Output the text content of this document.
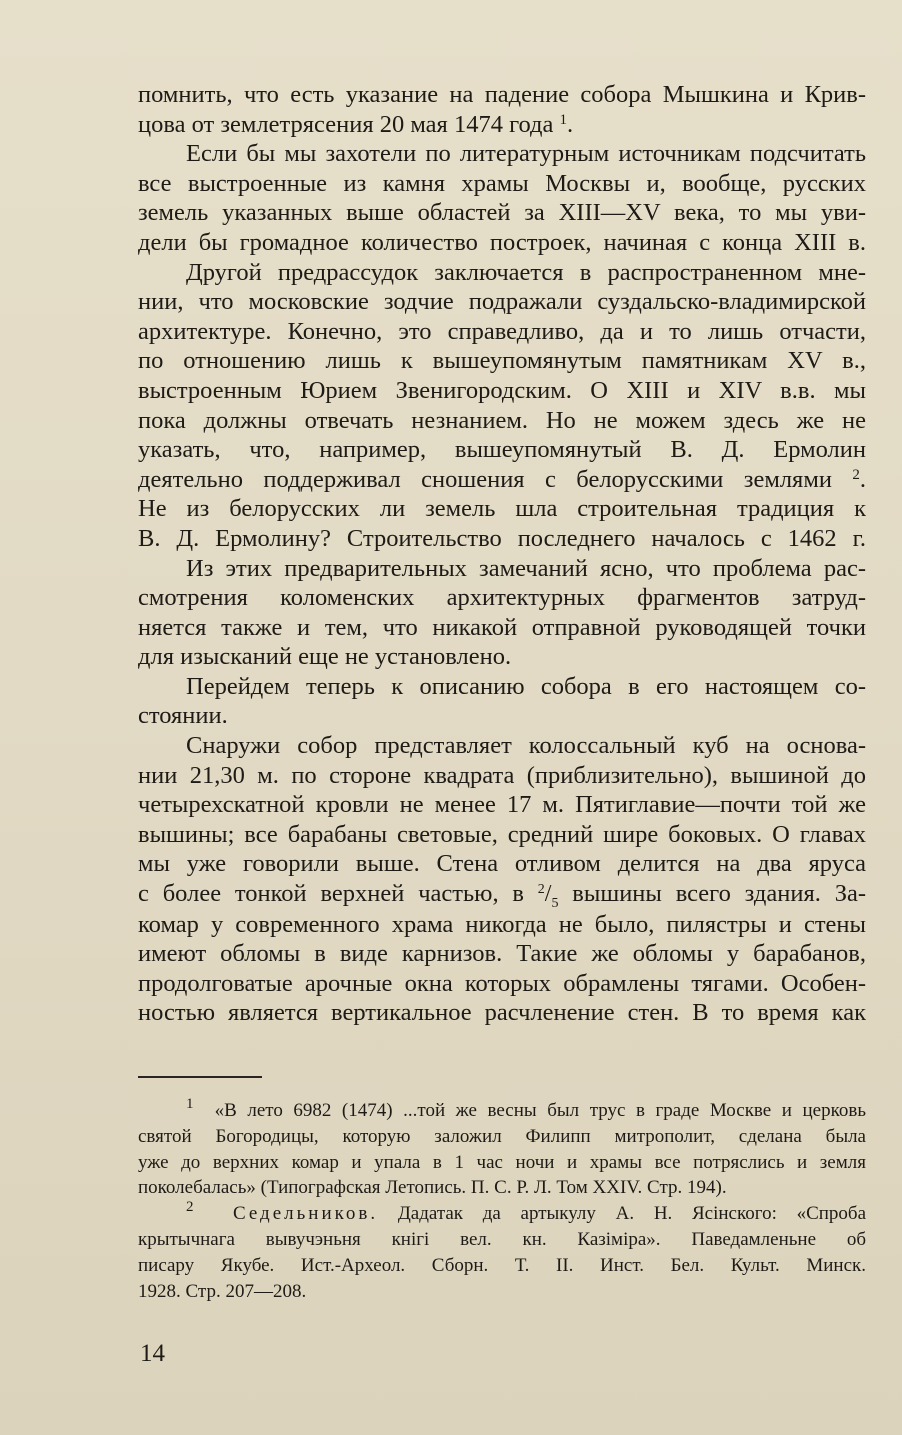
помнить, что есть указание на падение собора Мышкина и Крив-

цова от землетрясения 20 мая 1474 года $^1$.

Если бы мы захотели по литературным источникам подсчитать

все выстроенные из камня храмы Москвы и, вообще, русских

земель указанных выше областей за XIII—XV века, то мы уви-

дели бы громадное количество построек, начиная с конца XIII в.

Другой предрассудок заключается в распространенном мне-

нии, что московские зодчие подражали суздальско-владимирской

архитектуре. Конечно, это справедливо, да и то лишь отчасти,

по отношению лишь к вышеупомянутым памятникам XV в.,

выстроенным Юрием Звенигородским. О XIII и XIV в.в. мы

пока должны отвечать незнанием. Но не можем здесь же не

указать, что, например, вышеупомянутый В. Д. Ермолин

деятельно поддерживал сношения с белорусскими землями $^2$.

Не из белорусских ли земель шла строительная традиция к

В. Д. Ермолину? Строительство последнего началось с 1462 г.

Из этих предварительных замечаний ясно, что проблема рас-

смотрения коломенских архитектурных фрагментов затруд-

няется также и тем, что никакой отправной руководящей точки

для изысканий еще не установлено.

Перейдем теперь к описанию собора в его настоящем со-

стоянии.

Снаружи собор представляет колоссальный куб на основа-

нии 21,30 м. по стороне квадрата (приблизительно), вышиной до

четырехскатной кровли не менее 17 м. Пятиглавие—почти той же

вышины; все барабаны световые, средний шире боковых. О главах

мы уже говорили выше. Стена отливом делится на два яруса

с более тонкой верхней частью, в $^2/_5$ вышины всего здания. За-

комар у современного храма никогда не было, пилястры и стены

имеют обломы в виде карнизов. Такие же обломы у барабанов,

продолговатые арочные окна которых обрамлены тягами. Особен-

ностью является вертикальное расчленение стен. В то время как

$^1$ «В лето 6982 (1474) ...той же весны был трус в граде Москве и церковь

святой Богородицы, которую заложил Филипп митрополит, сделана была

уже до верхних комар и упала в 1 час ночи и храмы все потряслись и земля

поколебалась» (Типографская Летопись. П. С. Р. Л. Том XXIV. Стр. 194).

$^2$ Седельников. Дадатак да артыкулу А. Н. Ясінского: «Спроба

крытычнага вывучэньня кнігі вел. кн. Казіміра». Паведамленьне об

писару Якубе. Ист.-Археол. Сборн. Т. II. Инст. Бел. Культ. Минск.

1928. Стр. 207—208.

14
